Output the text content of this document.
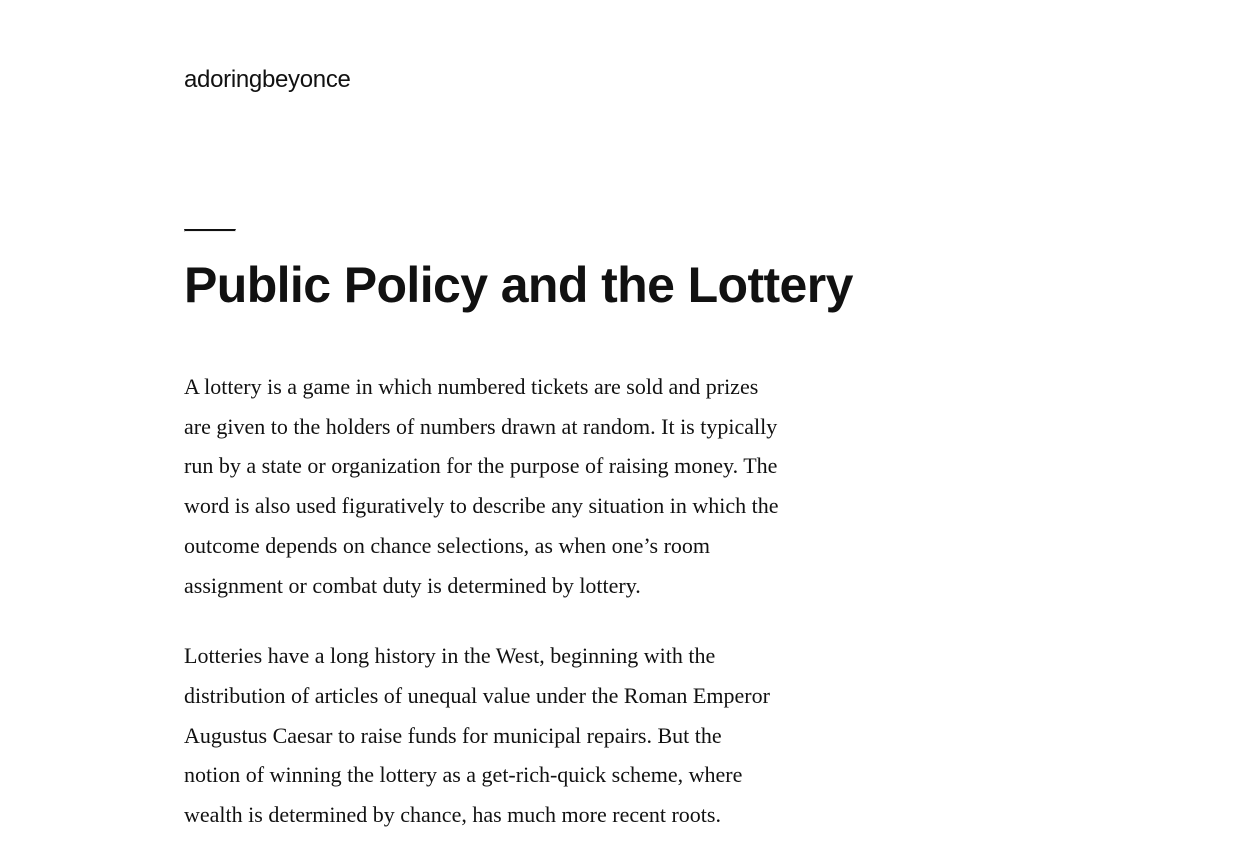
adoringbeyonce
Public Policy and the Lottery

A lottery is a game in which numbered tickets are sold and prizes are given to the holders of numbers drawn at random. It is typically run by a state or organization for the purpose of raising money. The word is also used figuratively to describe any situation in which the outcome depends on chance selections, as when one’s room assignment or combat duty is determined by lottery.

Lotteries have a long history in the West, beginning with the distribution of articles of unequal value under the Roman Emperor Augustus Caesar to raise funds for municipal repairs. But the notion of winning the lottery as a get-rich-quick scheme, where wealth is determined by chance, has much more recent roots.
